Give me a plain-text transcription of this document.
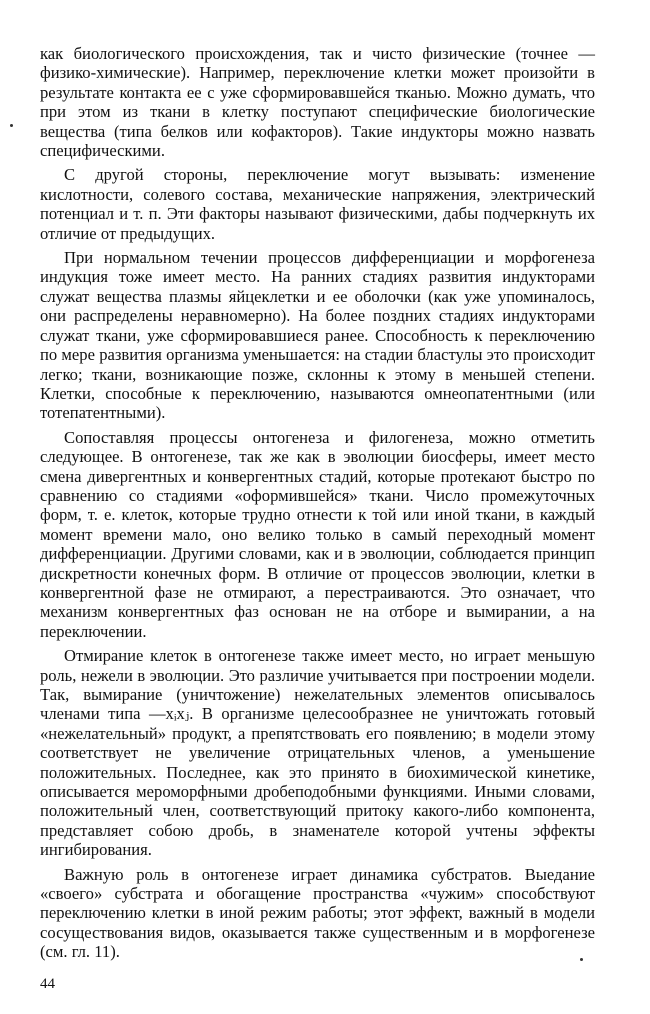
как биологического происхождения, так и чисто физические (точнее — физико-химические). Например, переключение клетки может произойти в результате контакта ее с уже сформировавшейся тканью. Можно думать, что при этом из ткани в клетку поступают специфические биологические вещества (типа белков или кофакторов). Такие индукторы можно назвать специфическими.

С другой стороны, переключение могут вызывать: изменение кислотности, солевого состава, механические напряжения, электрический потенциал и т. п. Эти факторы называют физическими, дабы подчеркнуть их отличие от предыдущих.

При нормальном течении процессов дифференциации и морфогенеза индукция тоже имеет место. На ранних стадиях развития индукторами служат вещества плазмы яйцеклетки и ее оболочки (как уже упоминалось, они распределены неравномерно). На более поздних стадиях индукторами служат ткани, уже сформировавшиеся ранее. Способность к переключению по мере развития организма уменьшается: на стадии бластулы это происходит легко; ткани, возникающие позже, склонны к этому в меньшей степени. Клетки, способные к переключению, называются омнеопатентными (или тотепатентными).

Сопоставляя процессы онтогенеза и филогенеза, можно отметить следующее. В онтогенезе, так же как в эволюции биосферы, имеет место смена дивергентных и конвергентных стадий, которые протекают быстро по сравнению со стадиями «оформившейся» ткани. Число промежуточных форм, т. е. клеток, которые трудно отнести к той или иной ткани, в каждый момент времени мало, оно велико только в самый переходный момент дифференциации. Другими словами, как и в эволюции, соблюдается принцип дискретности конечных форм. В отличие от процессов эволюции, клетки в конвергентной фазе не отмирают, а перестраиваются. Это означает, что механизм конвергентных фаз основан не на отборе и вымирании, а на переключении.

Отмирание клеток в онтогенезе также имеет место, но играет меньшую роль, нежели в эволюции. Это различие учитывается при построении модели. Так, вымирание (уничтожение) нежелательных элементов описывалось членами типа —xᵢxⱼ. В организме целесообразнее не уничтожать готовый «нежелательный» продукт, а препятствовать его появлению; в модели этому соответствует не увеличение отрицательных членов, а уменьшение положительных. Последнее, как это принято в биохимической кинетике, описывается мероморфными дробеподобными функциями. Иными словами, положительный член, соответствующий притоку какого-либо компонента, представляет собою дробь, в знаменателе которой учтены эффекты ингибирования.

Важную роль в онтогенезе играет динамика субстратов. Выедание «своего» субстрата и обогащение пространства «чужим» способствуют переключению клетки в иной режим работы; этот эффект, важный в модели сосуществования видов, оказывается также существенным и в морфогенезе (см. гл. 11).

44
